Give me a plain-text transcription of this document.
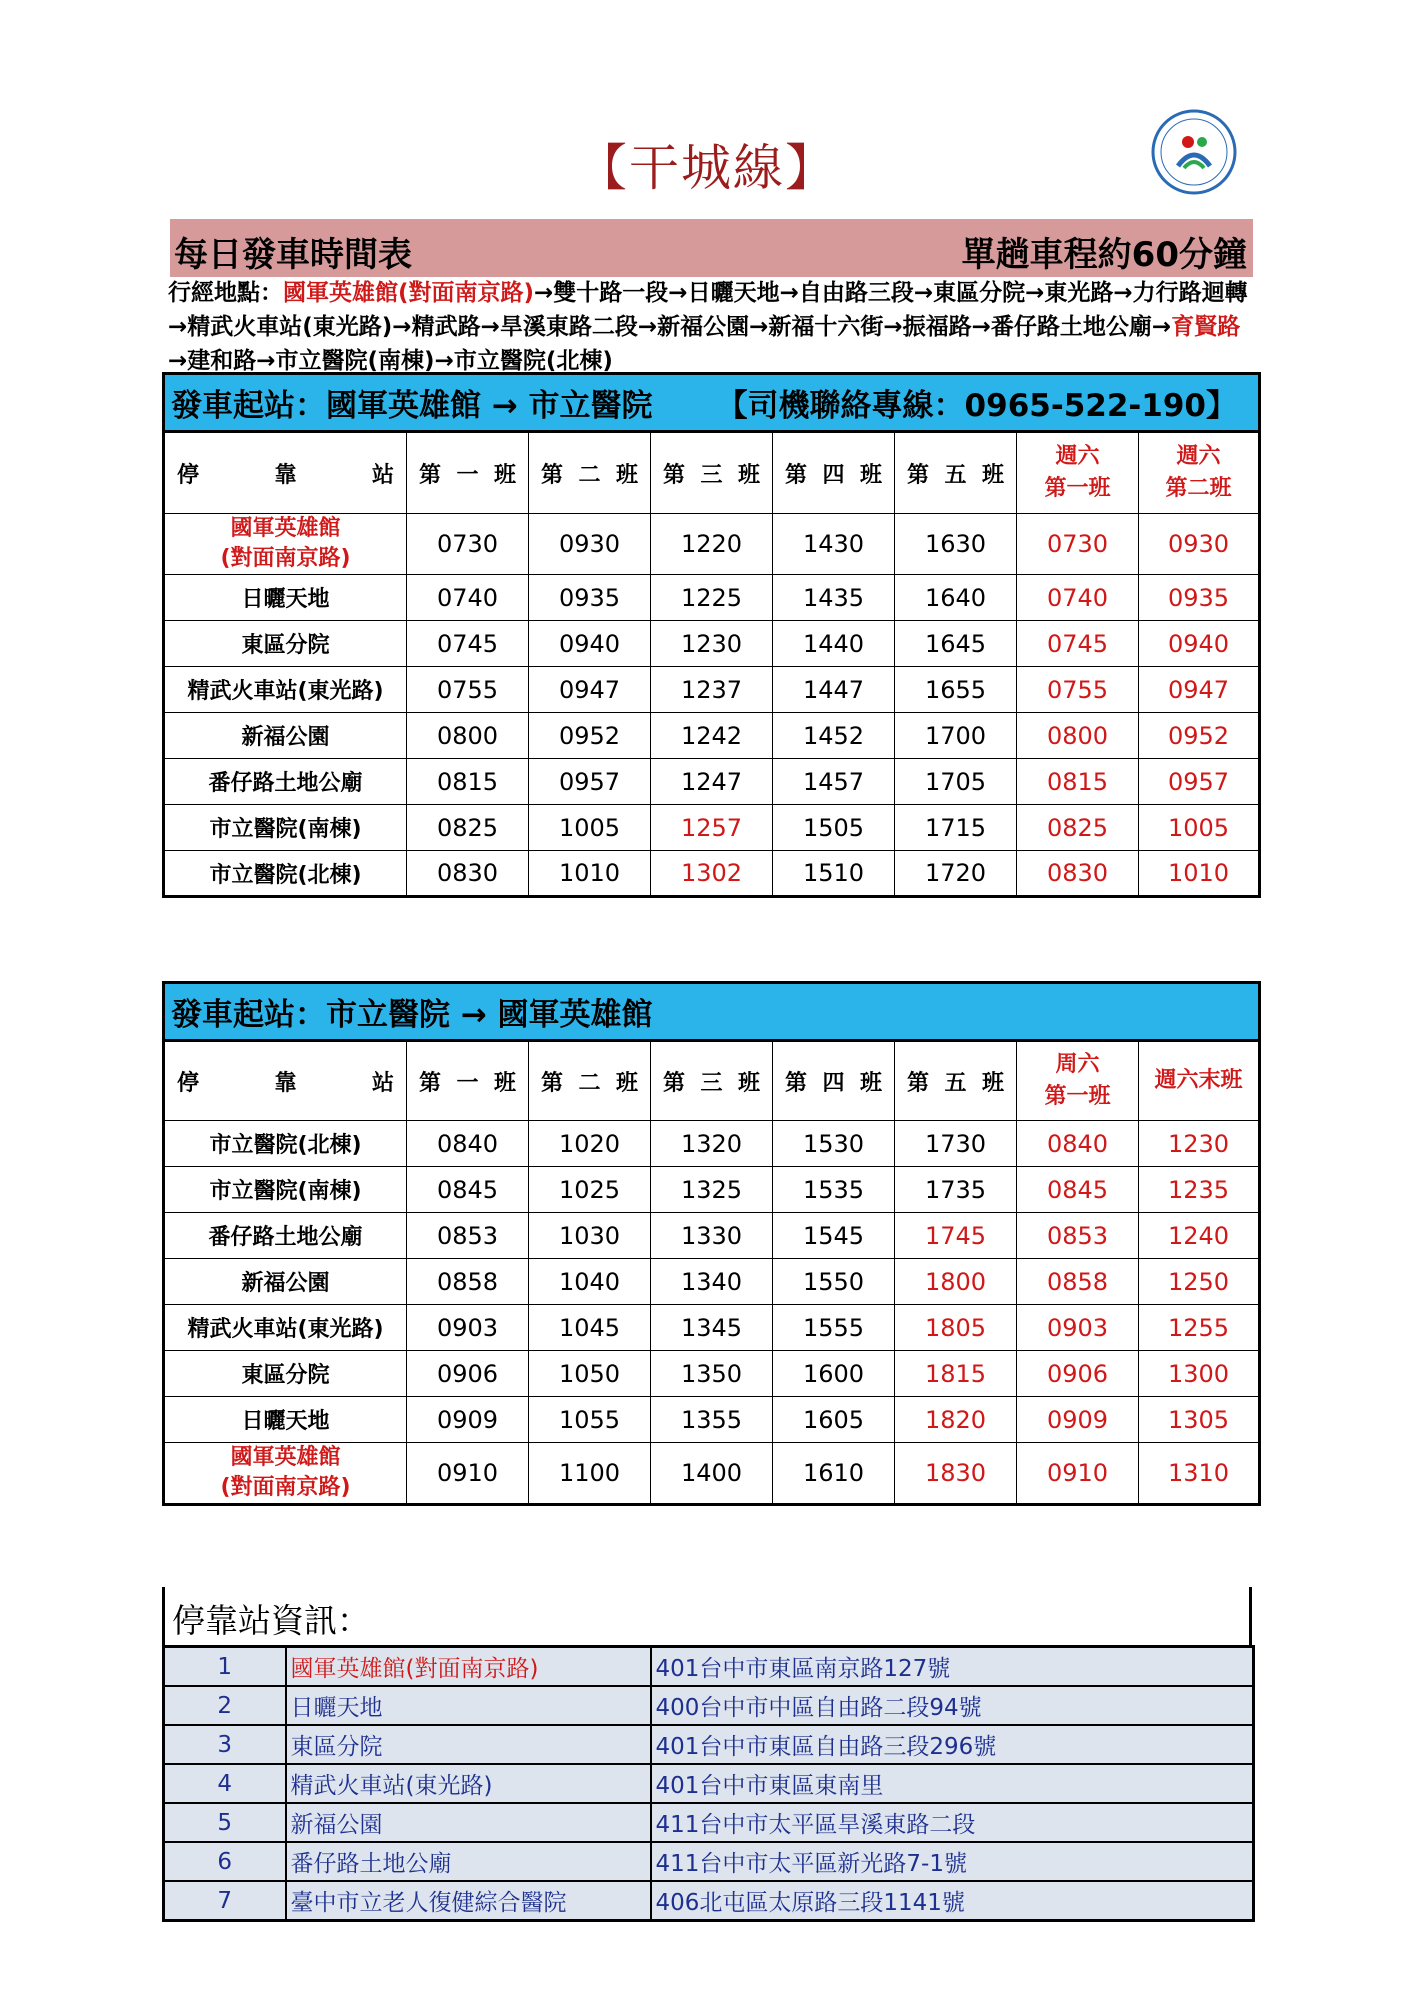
【干城線】
每日發車時間表	單趟車程約60分鐘
行經地點：國軍英雄館(對面南京路)→雙十路一段→日曬天地→自由路三段→東區分院→東光路→力行路迴轉→精武火車站(東光路)→精武路→旱溪東路二段→新福公園→新福十六街→振福路→番仔路土地公廟→育賢路→建和路→市立醫院(南棟)→市立醫院(北棟)
發車起站：國軍英雄館 → 市立醫院 【司機聯絡專線：0965-522-190】							

停 靠 站	第 一 班	第 二 班	第 三 班	第 四 班	第 五 班	週六
第一班	週六
第二班
國軍英雄館
(對面南京路)	0730	0930	1220	1430	1630	0730	0930
日曬天地	0740	0935	1225	1435	1640	0740	0935
東區分院	0745	0940	1230	1440	1645	0745	0940
精武火車站(東光路)	0755	0947	1237	1447	1655	0755	0947
新福公園	0800	0952	1242	1452	1700	0800	0952
番仔路土地公廟	0815	0957	1247	1457	1705	0815	0957
市立醫院(南棟)	0825	1005	1257	1505	1715	0825	1005
市立醫院(北棟)	0830	1010	1302	1510	1720	0830	1010
發車起站：市立醫院 → 國軍英雄館							

停 靠 站	第 一 班	第 二 班	第 三 班	第 四 班	第 五 班	周六
第一班	週六末班
市立醫院(北棟)	0840	1020	1320	1530	1730	0840	1230
市立醫院(南棟)	0845	1025	1325	1535	1735	0845	1235
番仔路土地公廟	0853	1030	1330	1545	1745	0853	1240
新福公園	0858	1040	1340	1550	1800	0858	1250
精武火車站(東光路)	0903	1045	1345	1555	1805	0903	1255
東區分院	0906	1050	1350	1600	1815	0906	1300
日曬天地	0909	1055	1355	1605	1820	0909	1305
國軍英雄館
(對面南京路)	0910	1100	1400	1610	1830	0910	1310
停靠站資訊：
1	國軍英雄館(對面南京路)	401台中市東區南京路127號
2	日曬天地	400台中市中區自由路二段94號
3	東區分院	401台中市東區自由路三段296號
4	精武火車站(東光路)	401台中市東區東南里
5	新福公園	411台中市太平區旱溪東路二段
6	番仔路土地公廟	411台中市太平區新光路7-1號
7	臺中市立老人復健綜合醫院	406北屯區太原路三段1141號
